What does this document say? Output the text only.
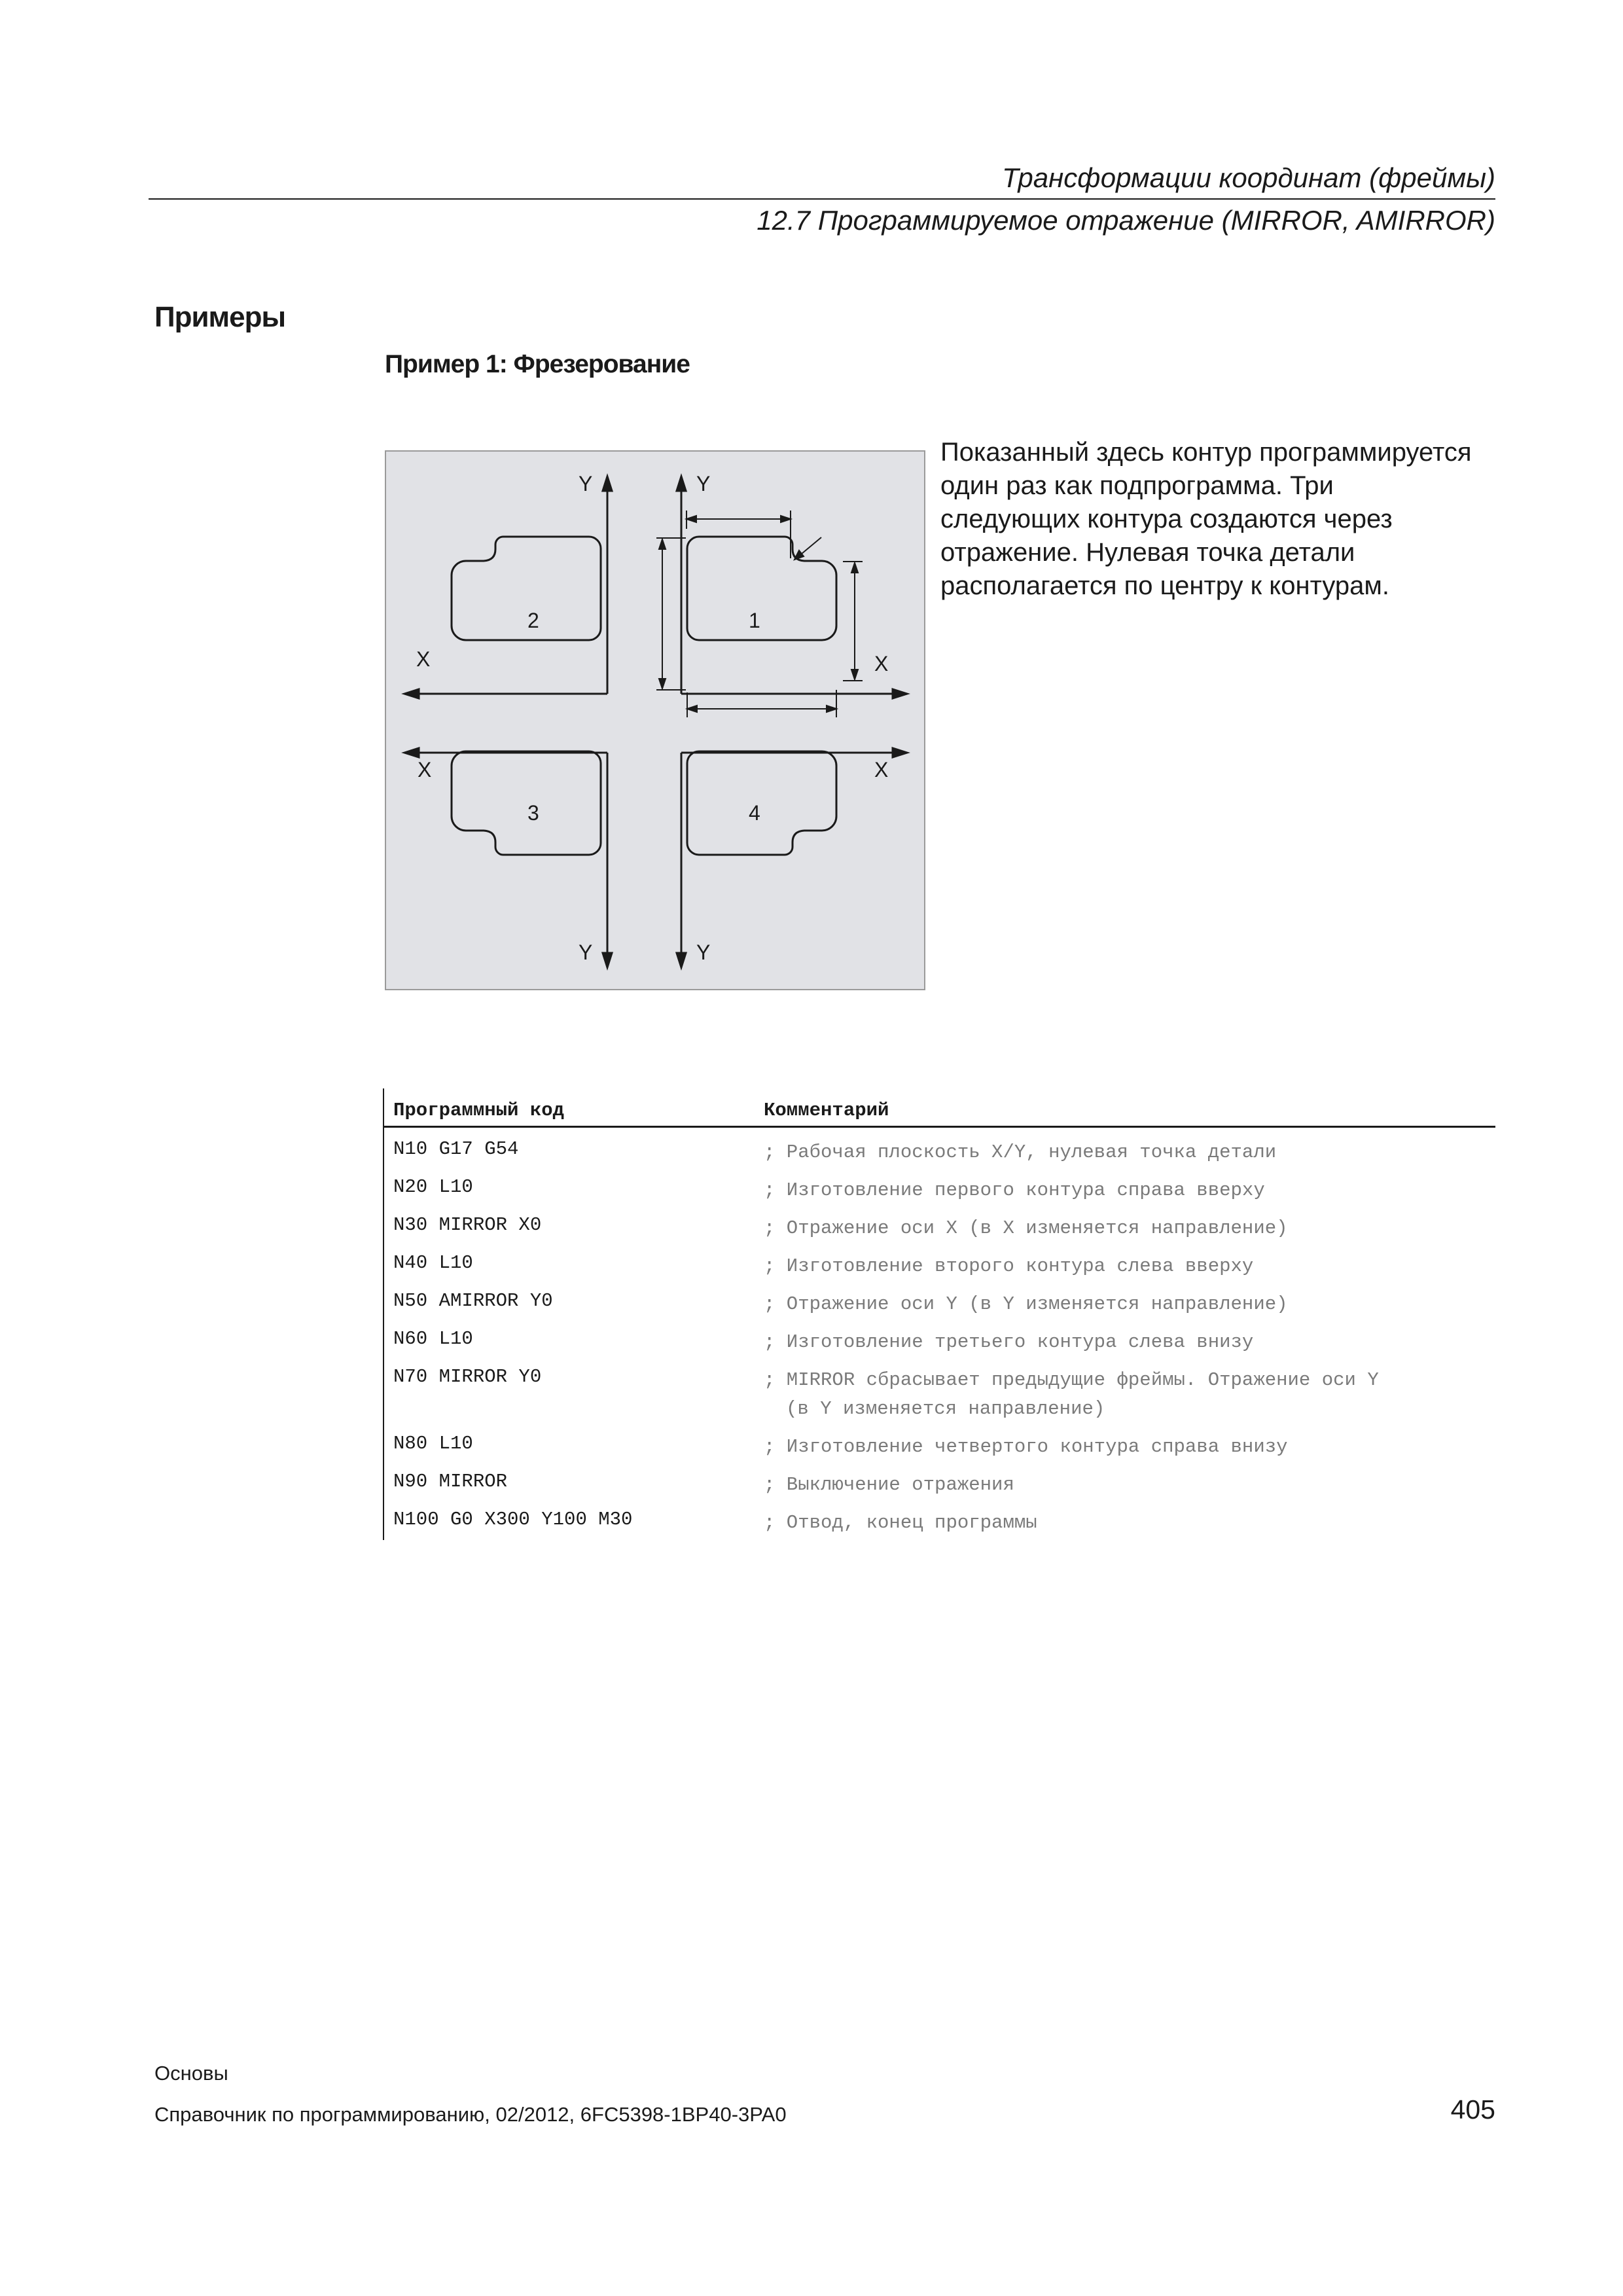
Трансформации координат (фреймы)
12.7 Программируемое отражение (MIRROR, AMIRROR)
Примеры
Пример 1: Фрезерование
Y	Y
X	X
X	X
Y	Y
1
2
3	4
Показанный здесь контур программируется
один раз как подпрограмма. Три
следующих контура создаются через
отражение. Нулевая точка детали
располагается по центру к контурам.
Программный код	Комментарий
N10 G17 G54	; Рабочая плоскость X/Y, нулевая точка детали
N20 L10	; Изготовление первого контура справа вверху
N30 MIRROR X0	; Отражение оси X (в X изменяется направление)
N40 L10	; Изготовление второго контура слева вверху
N50 AMIRROR Y0	; Отражение оси Y (в Y изменяется направление)
N60 L10	; Изготовление третьего контура слева внизу
N70 MIRROR Y0	; MIRROR сбрасывает предыдущие фреймы. Отражение оси Y
(в Y изменяется направление)
N80 L10	; Изготовление четвертого контура справа внизу
N90 MIRROR	; Выключение отражения
N100 G0 X300 Y100 M30	; Отвод, конец программы
Основы
Справочник по программированию, 02/2012, 6FC5398-1BP40-3PA0	405
